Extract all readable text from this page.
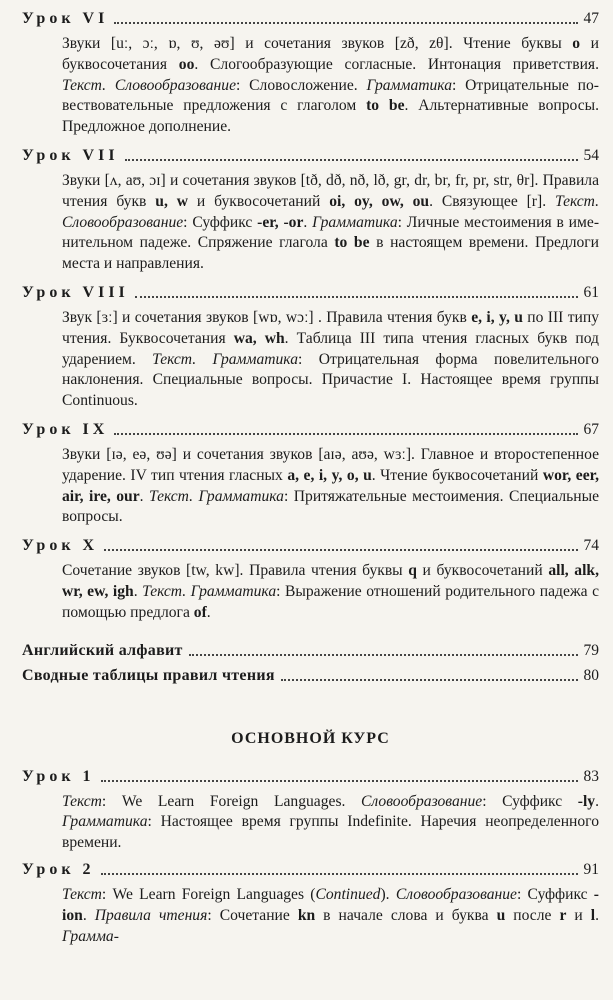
Урок VI	47
Звуки [uː, ɔː, ɒ, ʊ, əʊ] и сочетания звуков [zð, zθ]. Чтение буквы o и буквосочетания oo. Слогообразующие согласные. Интонация приветствия. Текст. Словообразование: Словосложение. Грамматика: Отрицательные повествовательные предложения с глаголом to be. Альтернативные вопросы. Предложное дополнение.
Урок VII	54
Звуки [ʌ, aʊ, ɔɪ] и сочетания звуков [tð, dð, nð, lð, gr, dr, br, fr, pr, str, θr]. Правила чтения букв u, w и буквосочетаний oi, oy, ow, ou. Связующее [r]. Текст. Словообразование: Суффикс -er, -or. Грамматика: Личные местоимения в именительном падеже. Спряжение глагола to be в настоящем времени. Предлоги места и направления.
Урок VIII	61
Звук [ɜː] и сочетания звуков [wɒ, wɔː] . Правила чтения букв e, i, y, u по III типу чтения. Буквосочетания wa, wh. Таблица III типа чтения гласных букв под ударением. Текст. Грамматика: Отрицательная форма повелительного наклонения. Специальные вопросы. Причастие I. Настоящее время группы Continuous.
Урок IX	67
Звуки [ɪə, eə, ʊə] и сочетания звуков [aɪə, aʊə, wɜː]. Главное и второстепенное ударение. IV тип чтения гласных a, e, i, y, o, u. Чтение буквосочетаний wor, eer, air, ire, our. Текст. Грамматика: Притяжательные местоимения. Специальные вопросы.
Урок X	74
Сочетание звуков [tw, kw]. Правила чтения буквы q и буквосочетаний all, alk, wr, ew, igh. Текст. Грамматика: Выражение отношений родительного падежа с помощью предлога of.
Английский алфавит	79
Сводные таблицы правил чтения	80
ОСНОВНОЙ КУРС
Урок 1	83
Текст: We Learn Foreign Languages. Словообразование: Суффикс -ly. Грамматика: Настоящее время группы Indefinite. Наречия неопределенного времени.
Урок 2	91
Текст: We Learn Foreign Languages (Continued). Словообразование: Суффикс -ion. Правила чтения: Сочетание kn в начале слова и буква u после r и l. Грамма-
